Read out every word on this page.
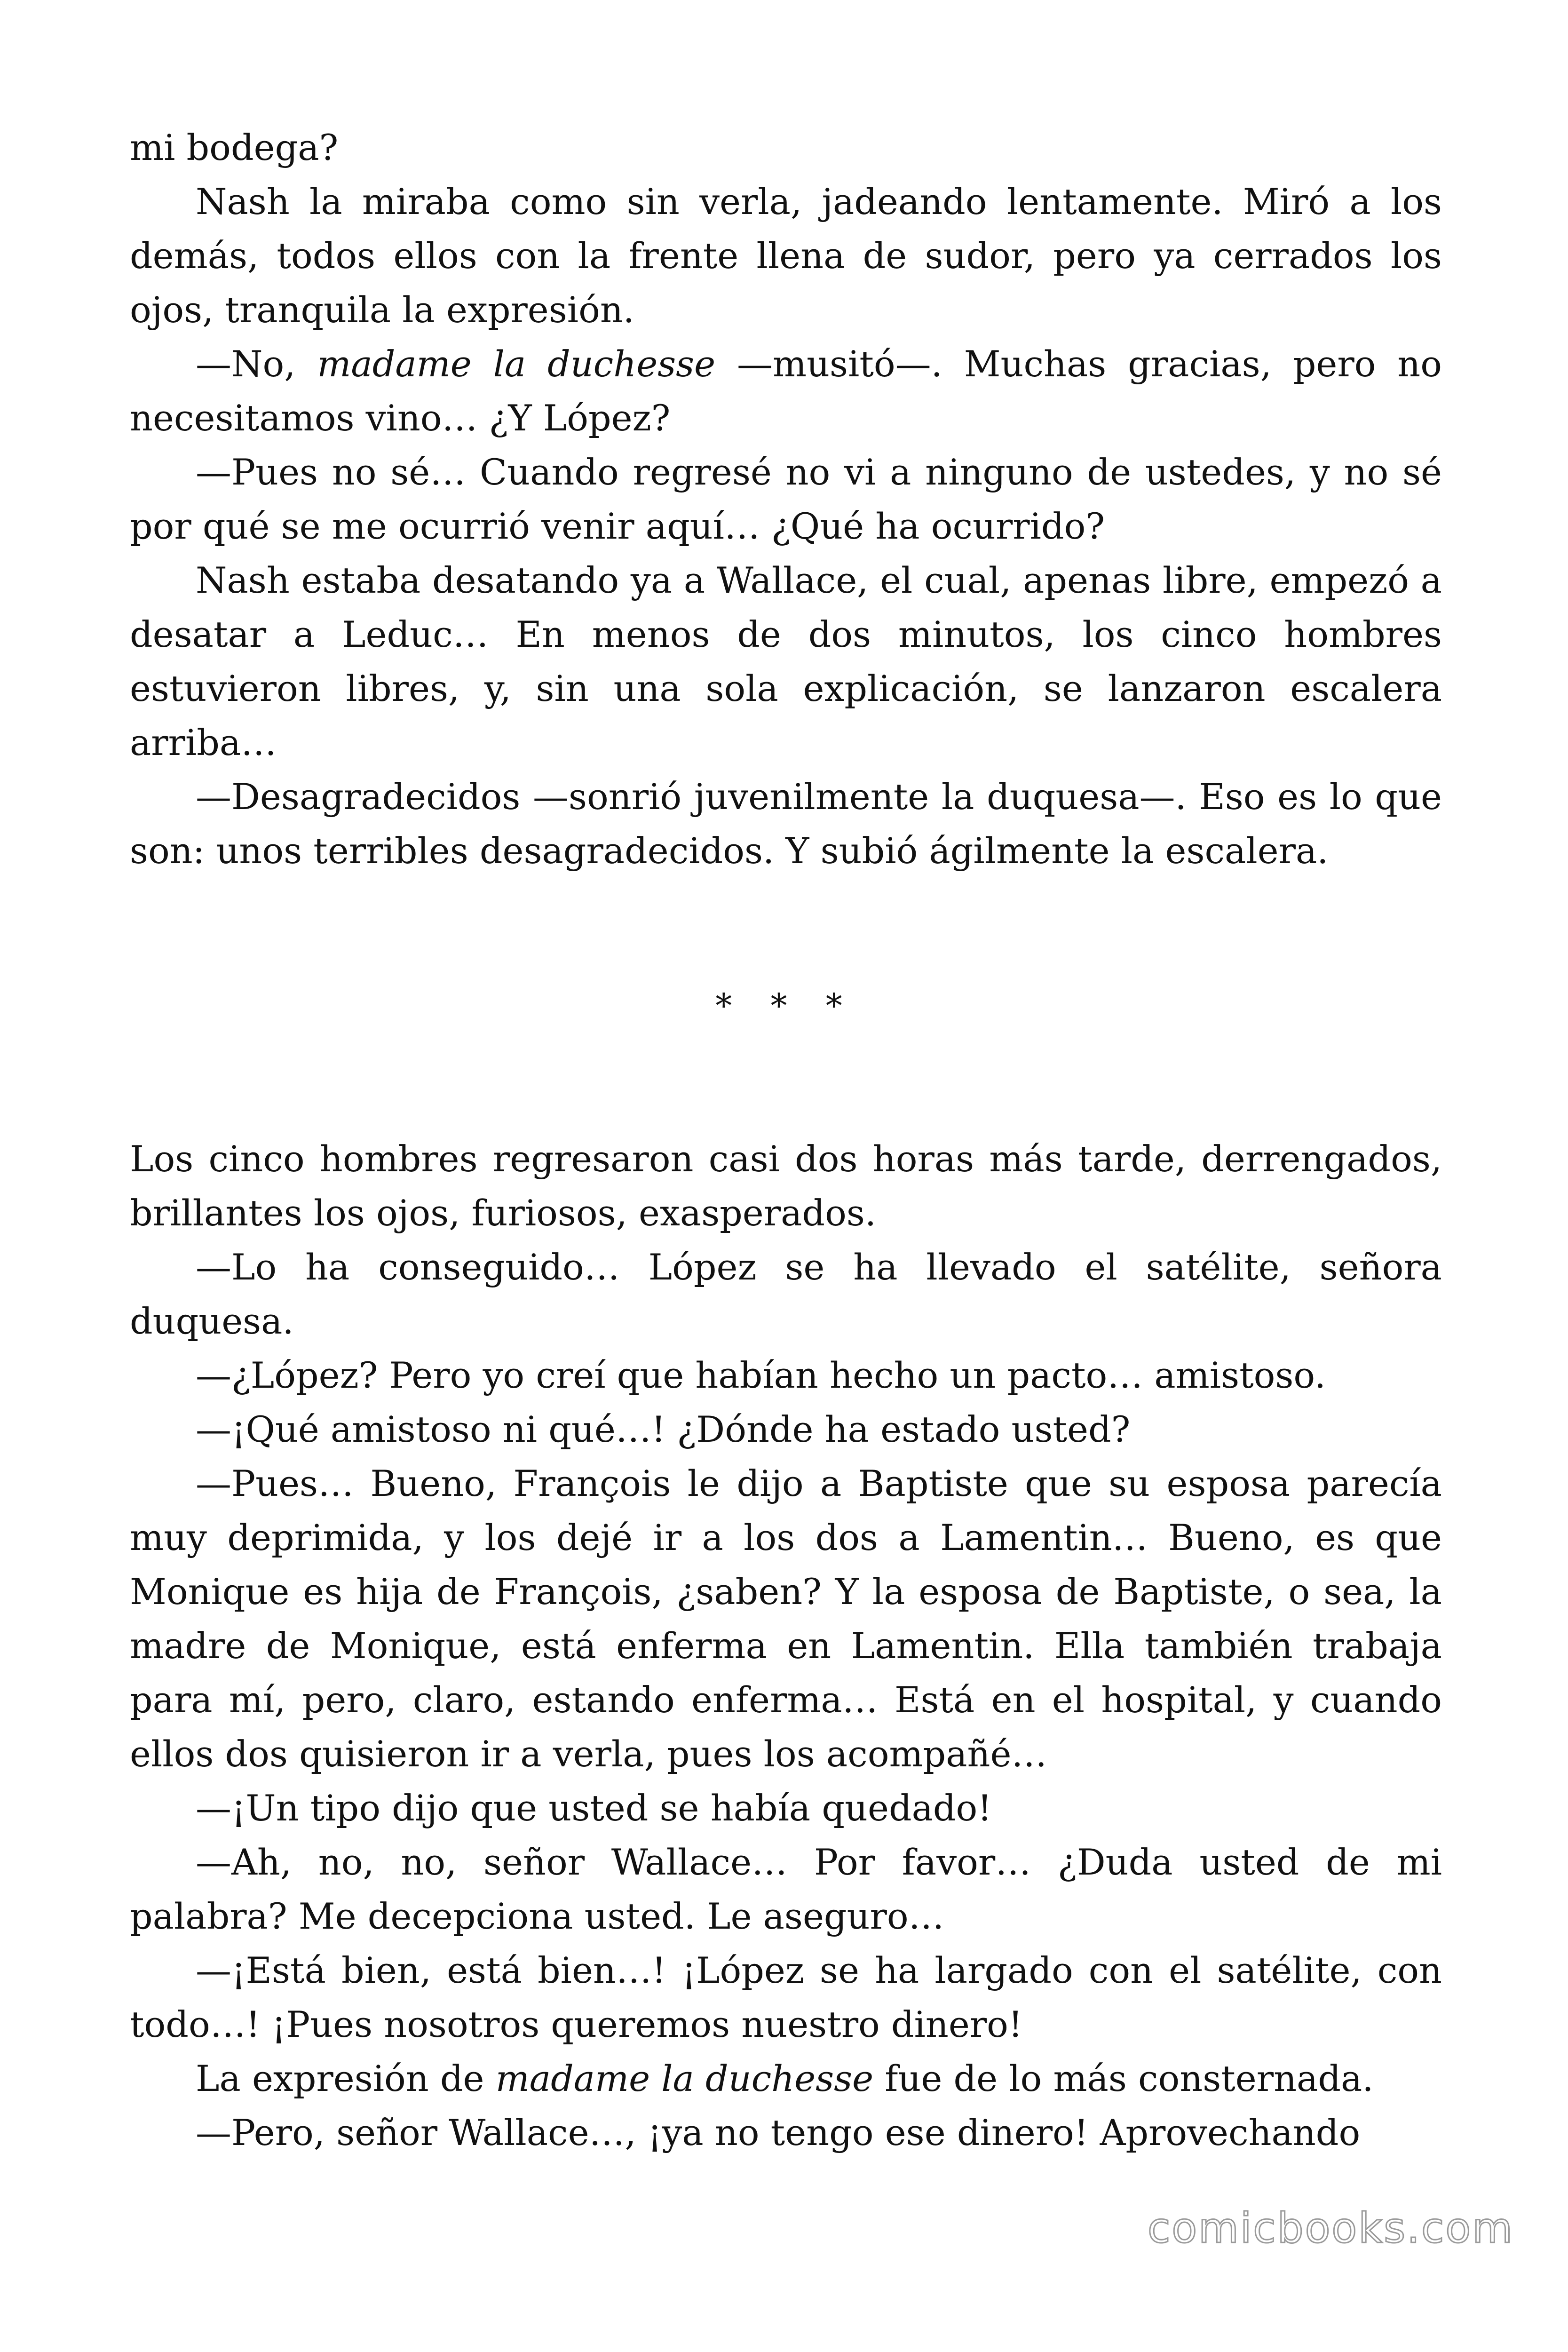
mi bodega?

Nash la miraba como sin verla, jadeando lentamente. Miró a los demás, todos ellos con la frente llena de sudor, pero ya cerrados los ojos, tranquila la expresión.

—No, madame la duchesse —musitó—. Muchas gracias, pero no necesitamos vino… ¿Y López?

—Pues no sé… Cuando regresé no vi a ninguno de ustedes, y no sé por qué se me ocurrió venir aquí… ¿Qué ha ocurrido?

Nash estaba desatando ya a Wallace, el cual, apenas libre, empezó a desatar a Leduc… En menos de dos minutos, los cinco hombres estuvieron libres, y, sin una sola explicación, se lanzaron escalera arriba…

—Desagradecidos —sonrió juvenilmente la duquesa—. Eso es lo que son: unos terribles desagradecidos. Y subió ágilmente la escalera.

* * *

Los cinco hombres regresaron casi dos horas más tarde, derrengados, brillantes los ojos, furiosos, exasperados.

—Lo ha conseguido… López se ha llevado el satélite, señora duquesa.

—¿López? Pero yo creí que habían hecho un pacto… amistoso.

—¡Qué amistoso ni qué…! ¿Dónde ha estado usted?

—Pues… Bueno, François le dijo a Baptiste que su esposa parecía muy deprimida, y los dejé ir a los dos a Lamentin… Bueno, es que Monique es hija de François, ¿saben? Y la esposa de Baptiste, o sea, la madre de Monique, está enferma en Lamentin. Ella también trabaja para mí, pero, claro, estando enferma… Está en el hospital, y cuando ellos dos quisieron ir a verla, pues los acompañé…

—¡Un tipo dijo que usted se había quedado!

—Ah, no, no, señor Wallace… Por favor… ¿Duda usted de mi palabra? Me decepciona usted. Le aseguro…

—¡Está bien, está bien…! ¡López se ha largado con el satélite, con todo…! ¡Pues nosotros queremos nuestro dinero!

La expresión de madame la duchesse fue de lo más consternada.

—Pero, señor Wallace…, ¡ya no tengo ese dinero! Aprovechando

comicbooks.com
